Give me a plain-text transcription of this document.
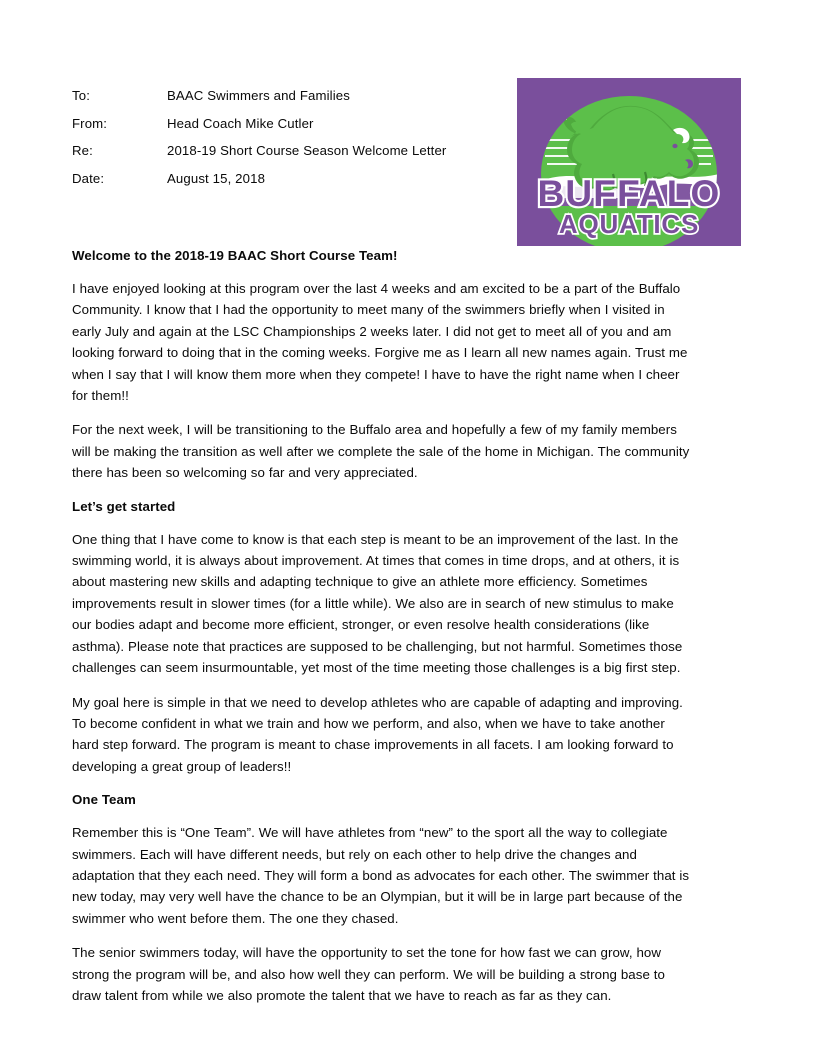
To:	BAAC Swimmers and Families
From:	Head Coach Mike Cutler
Re:	2018-19 Short Course Season Welcome Letter
Date:	August 15, 2018	BUFFALO
AQUATICS
Welcome to the 2018-19 BAAC Short Course Team!

I have enjoyed looking at this program over the last 4 weeks and am excited to be a part of the Buffalo Community. I know that I had the opportunity to meet many of the swimmers briefly when I visited in early July and again at the LSC Championships 2 weeks later. I did not get to meet all of you and am looking forward to doing that in the coming weeks. Forgive me as I learn all new names again. Trust me when I say that I will know them more when they compete! I have to have the right name when I cheer for them!!

For the next week, I will be transitioning to the Buffalo area and hopefully a few of my family members will be making the transition as well after we complete the sale of the home in Michigan. The community there has been so welcoming so far and very appreciated.

Let’s get started

One thing that I have come to know is that each step is meant to be an improvement of the last. In the swimming world, it is always about improvement. At times that comes in time drops, and at others, it is about mastering new skills and adapting technique to give an athlete more efficiency. Sometimes improvements result in slower times (for a little while). We also are in search of new stimulus to make our bodies adapt and become more efficient, stronger, or even resolve health considerations (like asthma). Please note that practices are supposed to be challenging, but not harmful. Sometimes those challenges can seem insurmountable, yet most of the time meeting those challenges is a big first step.

My goal here is simple in that we need to develop athletes who are capable of adapting and improving. To become confident in what we train and how we perform, and also, when we have to take another hard step forward. The program is meant to chase improvements in all facets. I am looking forward to developing a great group of leaders!!

One Team

Remember this is “One Team”. We will have athletes from “new” to the sport all the way to collegiate swimmers. Each will have different needs, but rely on each other to help drive the changes and adaptation that they each need. They will form a bond as advocates for each other. The swimmer that is new today, may very well have the chance to be an Olympian, but it will be in large part because of the swimmer who went before them. The one they chased.

The senior swimmers today, will have the opportunity to set the tone for how fast we can grow, how strong the program will be, and also how well they can perform. We will be building a strong base to draw talent from while we also promote the talent that we have to reach as far as they can.
